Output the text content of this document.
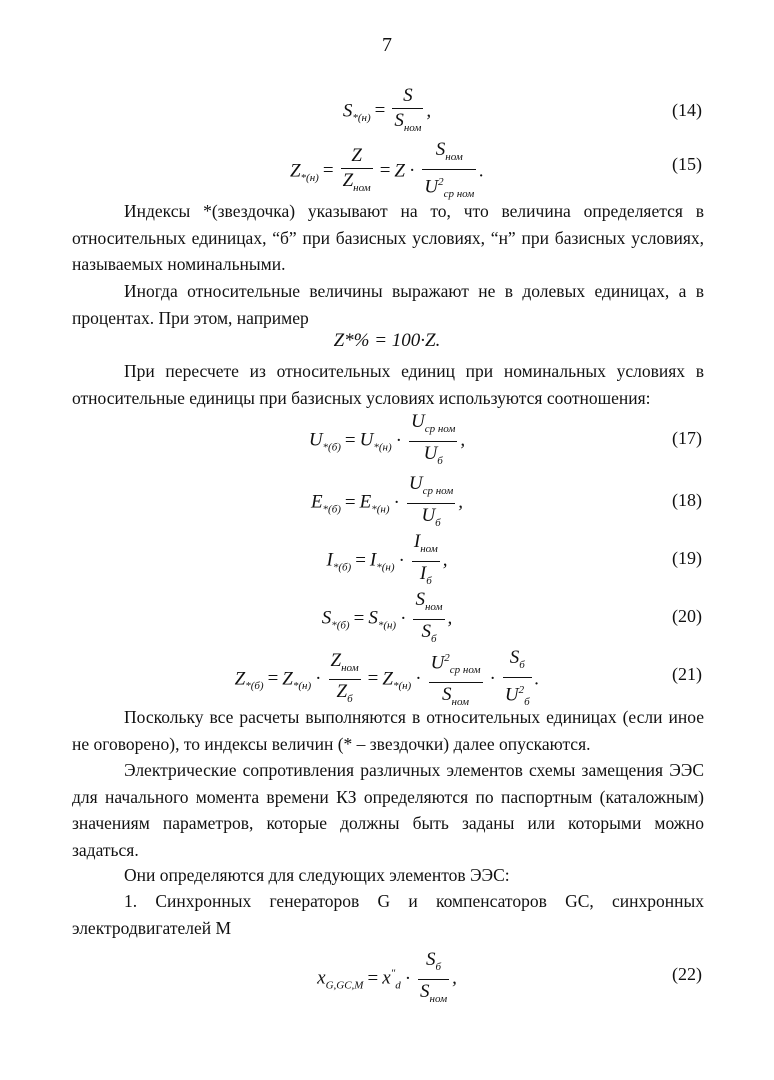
7
$S_{*(н)} = \frac{S}{S_{ном}}$ ,	(14)
$Z_{*(н)} = \frac{Z}{Z_{ном}} = Z \cdot \frac{S_{ном}}{U^2_{ср ном}}$ .	(15)
Индексы *(звездочка) указывают на то, что величина определяется в относительных единицах, “б” при базисных условиях, “н” при базисных условиях, называемых номинальными.
Иногда относительные величины выражают не в долевых единицах, а в процентах. При этом, например
Z*% = 100·Z.
При пересчете из относительных единиц при номинальных условиях в относительные единицы при базисных условиях используются соотношения:
$U_{*(б)} = U_{*(н)} \cdot \frac{U_{ср ном}}{U_б}$ ,	(17)
$E_{*(б)} = E_{*(н)} \cdot \frac{U_{ср ном}}{U_б}$ ,	(18)
$I_{*(б)} = I_{*(н)} \cdot \frac{I_{ном}}{I_б}$ ,	(19)
$S_{*(б)} = S_{*(н)} \cdot \frac{S_{ном}}{S_б}$ ,	(20)
$Z_{*(б)} = Z_{*(н)} \cdot \frac{Z_{ном}}{Z_б} = Z_{*(н)} \cdot \frac{U^2_{ср ном}}{S_{ном}} \cdot \frac{S_б}{U^2_б}$ .	(21)
Поскольку все расчеты выполняются в относительных единицах (если иное не оговорено), то индексы величин (* – звездочки) далее опускаются.
Электрические сопротивления различных элементов схемы замещения ЭЭС для начального момента времени КЗ определяются по паспортным (каталожным) значениям параметров, которые должны быть заданы или которыми можно задаться.
Они определяются для следующих элементов ЭЭС:
1. Синхронных генераторов G и компенсаторов GC, синхронных электродвигателей M
$x_{G,GC,M} = x''_d \cdot \frac{S_б}{S_{ном}}$ ,	(22)
